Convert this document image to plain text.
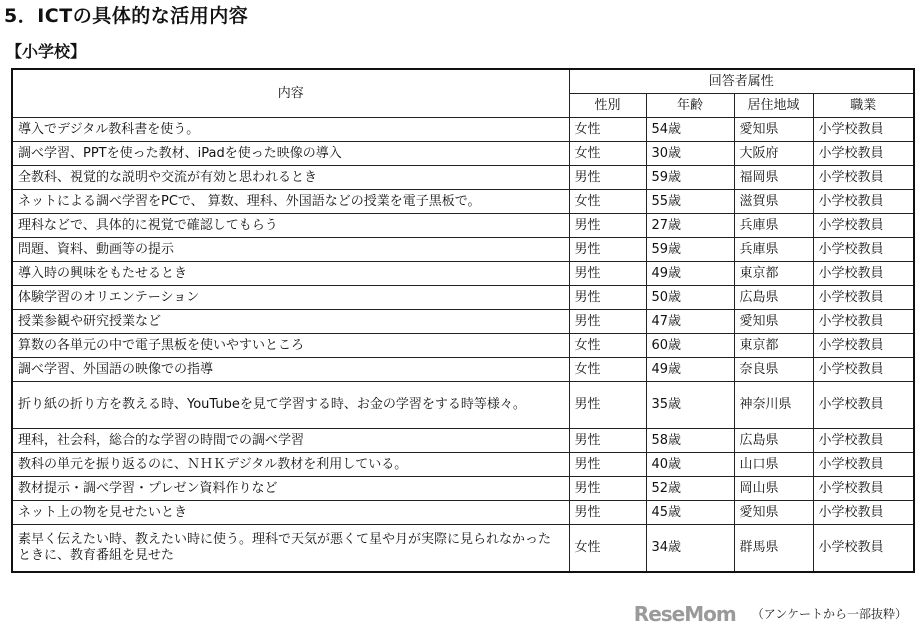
5．ICTの具体的な活用内容
【小学校】
内容	回答者属性			
	性別	年齢	居住地域	職業
導入でデジタル教科書を使う。	女性	54歳	愛知県	小学校教員
調べ学習、PPTを使った教材、iPadを使った映像の導入	女性	30歳	大阪府	小学校教員
全教科、視覚的な説明や交流が有効と思われるとき	男性	59歳	福岡県	小学校教員
ネットによる調べ学習をPCで、 算数、理科、外国語などの授業を電子黒板で。	女性	55歳	滋賀県	小学校教員
理科などで、具体的に視覚で確認してもらう	男性	27歳	兵庫県	小学校教員
問題、資料、動画等の提示	男性	59歳	兵庫県	小学校教員
導入時の興味をもたせるとき	男性	49歳	東京都	小学校教員
体験学習のオリエンテーション	男性	50歳	広島県	小学校教員
授業参観や研究授業など	男性	47歳	愛知県	小学校教員
算数の各単元の中で電子黒板を使いやすいところ	女性	60歳	東京都	小学校教員
調べ学習、外国語の映像での指導	女性	49歳	奈良県	小学校教員
折り紙の折り方を教える時、YouTubeを見て学習する時、お金の学習をする時等様々。	男性	35歳	神奈川県	小学校教員
理科，社会科，総合的な学習の時間での調べ学習	男性	58歳	広島県	小学校教員
教科の単元を振り返るのに、ＮＨＫデジタル教材を利用している。	男性	40歳	山口県	小学校教員
教材提示・調べ学習・プレゼン資料作りなど	男性	52歳	岡山県	小学校教員
ネット上の物を見せたいとき	男性	45歳	愛知県	小学校教員
素早く伝えたい時、教えたい時に使う。理科で天気が悪くて星や月が実際に見られなかったときに、教育番組を見せた	女性	34歳	群馬県	小学校教員
ReseMom （アンケートから一部抜粋）
